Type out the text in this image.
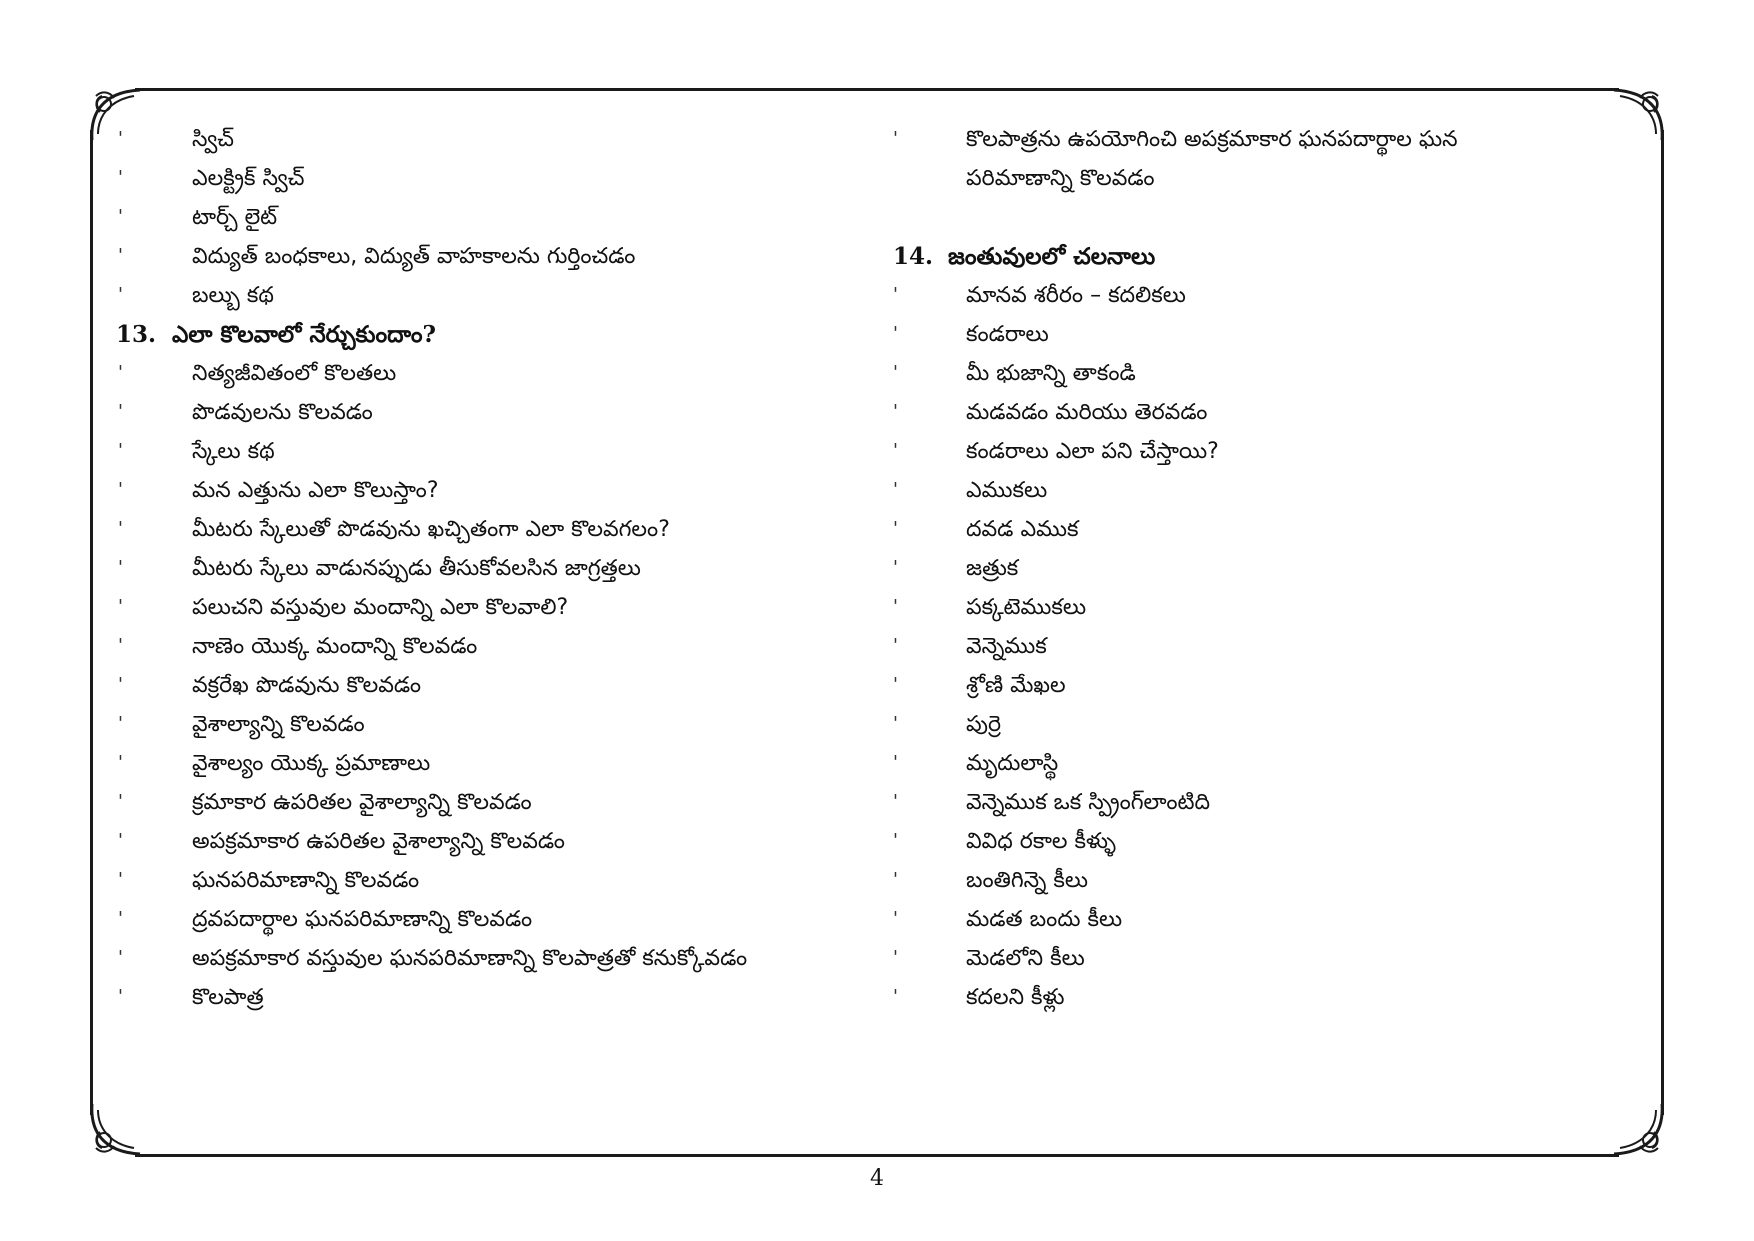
'	స్విచ్
'	ఎలక్ట్రిక్ స్విచ్
'	టార్చ్ లైట్
'	విద్యుత్ బంధకాలు, విద్యుత్ వాహకాలను గుర్తించడం
'	బల్బు కథ
13. ఎలా కొలవాలో నేర్చుకుందాం?
'	నిత్యజీవితంలో కొలతలు
'	పొడవులను కొలవడం
'	స్కేలు కథ
'	మన ఎత్తును ఎలా కొలుస్తాం?
'	మీటరు స్కేలుతో పొడవును ఖచ్చితంగా ఎలా కొలవగలం?
'	మీటరు స్కేలు వాడునప్పుడు తీసుకోవలసిన జాగ్రత్తలు
'	పలుచని వస్తువుల మందాన్ని ఎలా కొలవాలి?
'	నాణెం యొక్క మందాన్ని కొలవడం
'	వక్రరేఖ పొడవును కొలవడం
'	వైశాల్యాన్ని కొలవడం
'	వైశాల్యం యొక్క ప్రమాణాలు
'	క్రమాకార ఉపరితల వైశాల్యాన్ని కొలవడం
'	అపక్రమాకార ఉపరితల వైశాల్యాన్ని కొలవడం
'	ఘనపరిమాణాన్ని కొలవడం
'	ద్రవపదార్థాల ఘనపరిమాణాన్ని కొలవడం
'	అపక్రమాకార వస్తువుల ఘనపరిమాణాన్ని కొలపాత్రతో కనుక్కోవడం
'	కొలపాత్ర
'	కొలపాత్రను ఉపయోగించి అపక్రమాకార ఘనపదార్థాల ఘన
పరిమాణాన్ని కొలవడం
14. జంతువులలో చలనాలు
'	మానవ శరీరం – కదలికలు
'	కండరాలు
'	మీ భుజాన్ని తాకండి
'	మడవడం మరియు తెరవడం
'	కండరాలు ఎలా పని చేస్తాయి?
'	ఎముకలు
'	దవడ ఎముక
'	జత్రుక
'	పక్కటెముకలు
'	వెన్నెముక
'	శ్రోణి మేఖల
'	పుర్రె
'	మృదులాస్థి
'	వెన్నెముక ఒక స్ప్రింగ్‌లాంటిది
'	వివిధ రకాల కీళ్ళు
'	బంతిగిన్నె కీలు
'	మడత బందు కీలు
'	మెడలోని కీలు
'	కదలని కీళ్లు
4
